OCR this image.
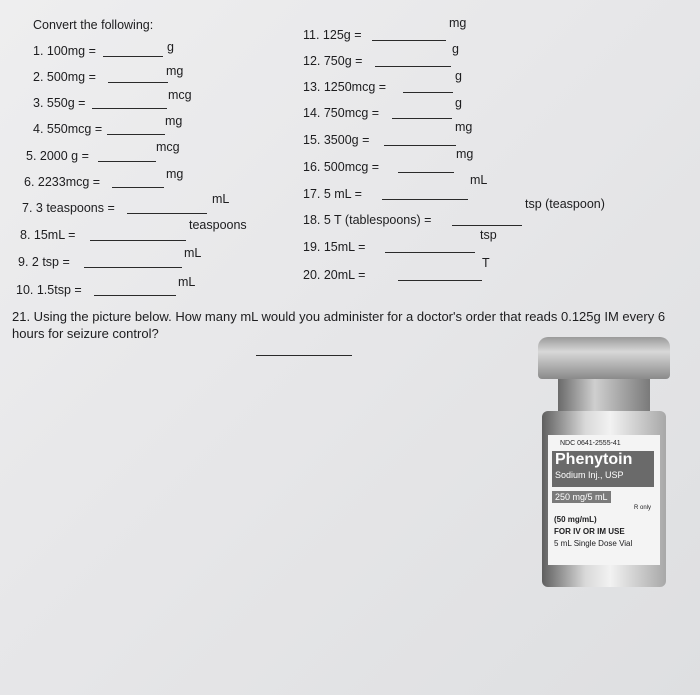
Convert the following:
1. 100mg =	g
2. 500mg =	mg
3. 550g =
mcg
4. 550mcg =
mg
5. 2000 g =
mcg
6. 2233mcg =
mg
7. 3 teaspoons =
mL
8. 15mL =
teaspoons
9. 2 tsp =
mL
10. 1.5tsp =
mL
11. 125g =
mg
12. 750g =
g
13. 1250mcg =
g
14. 750mcg =
g
15. 3500g =
mg
16. 500mcg =
mg
17. 5 mL =
mL
18. 5 T (tablespoons) =
tsp (teaspoon)
19. 15mL =
tsp
20. 20mL =
T
21. Using the picture below. How many mL would you administer for a doctor's order that reads 0.125g IM every 6 hours for seizure control?
NDC 0641-2555-41
Phenytoin
Sodium Inj., USP
250 mg/5 mL
R only
(50 mg/mL)
FOR IV OR IM USE
5 mL Single Dose Vial
